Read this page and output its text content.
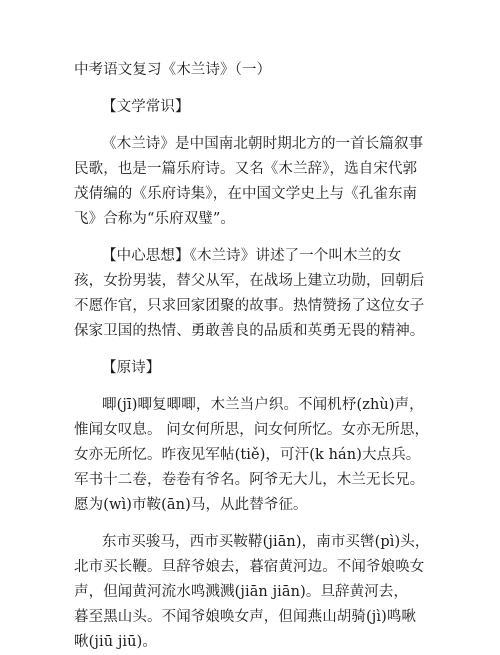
中考语文复习《木兰诗》（一）
【文学常识】
《木兰诗》是中国南北朝时期北方的一首长篇叙事
民歌，也是一篇乐府诗。又名《木兰辞》，选自宋代郭
茂倩编的《乐府诗集》，在中国文学史上与《孔雀东南
飞》合称为“乐府双璧”。
【中心思想】《木兰诗》讲述了一个叫木兰的女
孩，女扮男装，替父从军，在战场上建立功勋，回朝后
不愿作官，只求回家团聚的故事。热情赞扬了这位女子
保家卫国的热情、勇敢善良的品质和英勇无畏的精神。
【原诗】
唧(jī)唧复唧唧，木兰当户织。不闻机杼(zhù)声，
惟闻女叹息。 问女何所思，问女何所忆。女亦无所思，
女亦无所忆。昨夜见军帖(tiě)，可汗(k hán)大点兵。
军书十二卷，卷卷有爷名。阿爷无大儿，木兰无长兄。
愿为(wì)市鞍(ān)马，从此替爷征。
东市买骏马，西市买鞍鞯(jiān)，南市买辔(pì)头，
北市买长鞭。旦辞爷娘去，暮宿黄河边。不闻爷娘唤女
声，但闻黄河流水鸣溅溅(jiān jiān)。旦辞黄河去，
暮至黑山头。不闻爷娘唤女声，但闻燕山胡骑(jì)鸣啾
啾(jiū jiū)。
